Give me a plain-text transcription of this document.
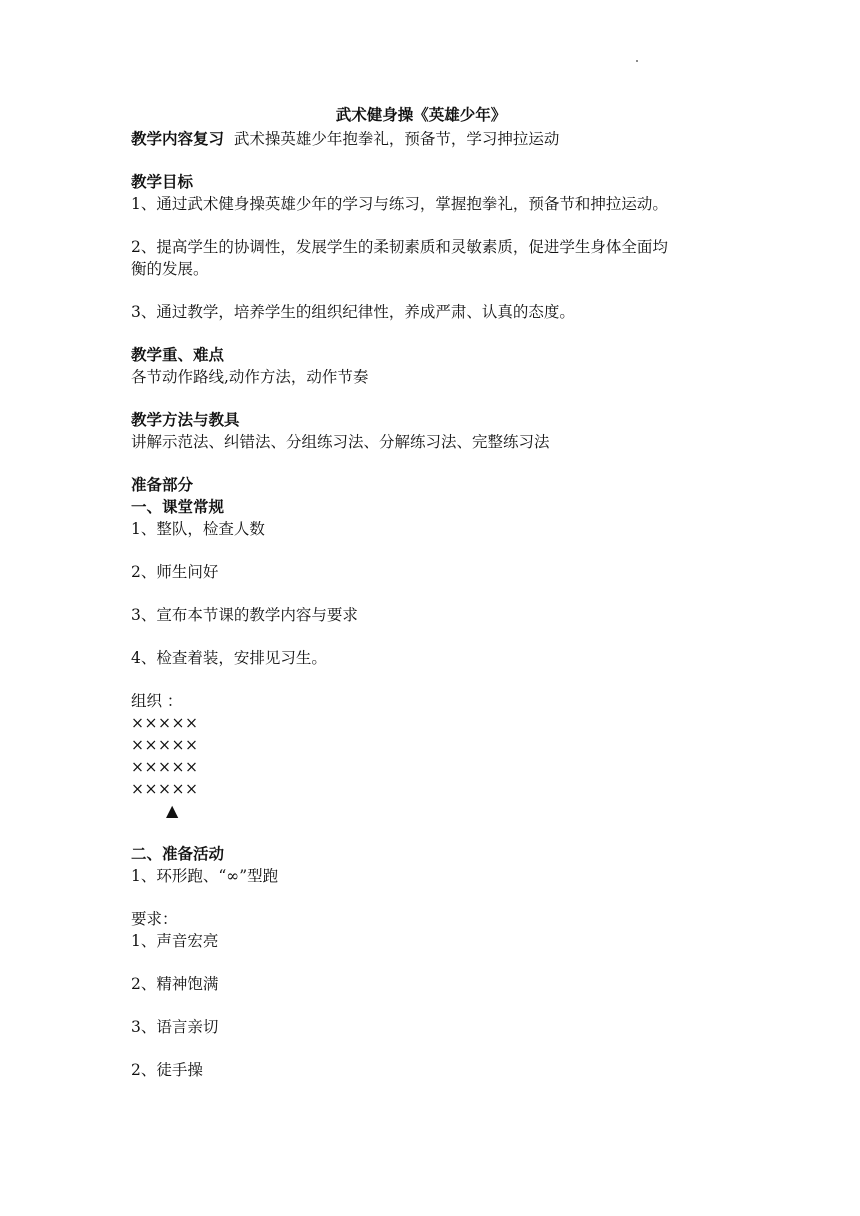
武术健身操《英雄少年》
教学内容复习  武术操英雄少年抱拳礼，预备节，学习抻拉运动
教学目标
1、通过武术健身操英雄少年的学习与练习，掌握抱拳礼，预备节和抻拉运动。
2、提高学生的协调性，发展学生的柔韧素质和灵敏素质，促进学生身体全面均
衡的发展。
3、通过教学，培养学生的组织纪律性，养成严肃、认真的态度。
教学重、难点
各节动作路线,动作方法，动作节奏
教学方法与教具
讲解示范法、纠错法、分组练习法、分解练习法、完整练习法
准备部分
一、课堂常规
1、整队，检查人数
2、师生问好
3、宣布本节课的教学内容与要求
4、检查着装，安排见习生。
组织 ：
×××××
×××××
×××××
×××××
▲
二、准备活动
1、环形跑、“∞”型跑
要求：
1、声音宏亮
2、精神饱满
3、语言亲切
2、徒手操
